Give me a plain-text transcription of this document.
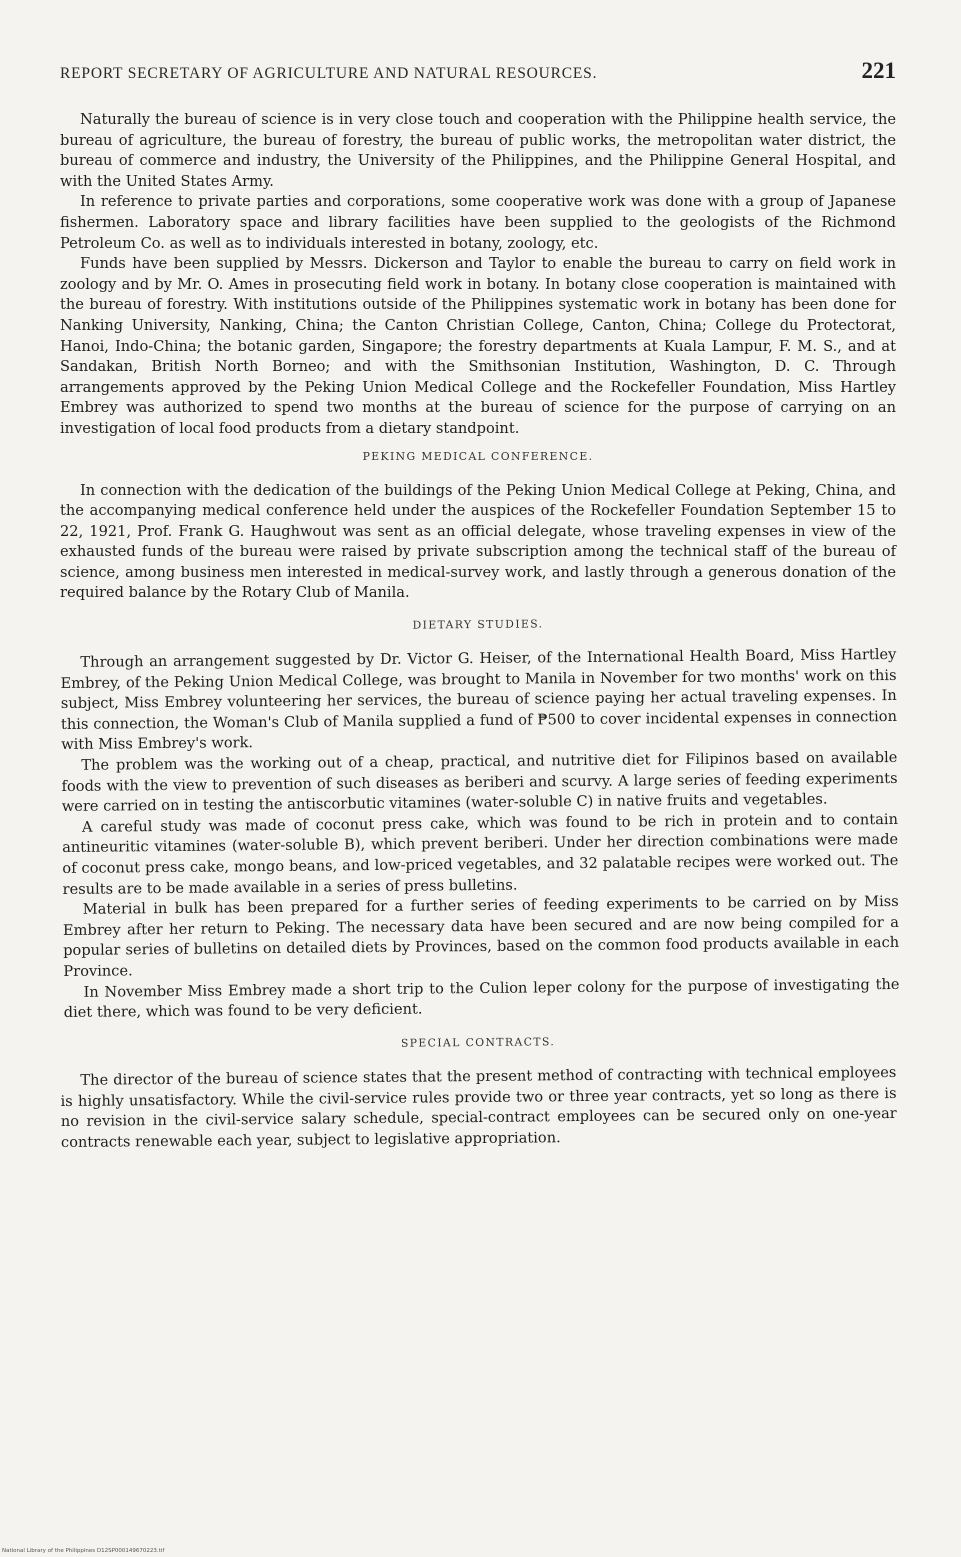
REPORT SECRETARY OF AGRICULTURE AND NATURAL RESOURCES.	221

Naturally the bureau of science is in very close touch and cooperation with the Philippine health service, the bureau of agriculture, the bureau of forestry, the bureau of public works, the metropolitan water district, the bureau of commerce and industry, the University of the Philippines, and the Philippine General Hospital, and with the United States Army.

In reference to private parties and corporations, some cooperative work was done with a group of Japanese fishermen. Laboratory space and library facilities have been supplied to the geologists of the Richmond Petroleum Co. as well as to individuals interested in botany, zoology, etc.

Funds have been supplied by Messrs. Dickerson and Taylor to enable the bureau to carry on field work in zoology and by Mr. O. Ames in prosecuting field work in botany. In botany close cooperation is maintained with the bureau of forestry. With institutions outside of the Philippines systematic work in botany has been done for Nanking University, Nanking, China; the Canton Christian College, Canton, China; College du Protectorat, Hanoi, Indo-China; the botanic garden, Singapore; the forestry departments at Kuala Lampur, F. M. S., and at Sandakan, British North Borneo; and with the Smithsonian Institution, Washington, D. C. Through arrangements approved by the Peking Union Medical College and the Rockefeller Foundation, Miss Hartley Embrey was authorized to spend two months at the bureau of science for the purpose of carrying on an investigation of local food products from a dietary standpoint.

PEKING MEDICAL CONFERENCE.

In connection with the dedication of the buildings of the Peking Union Medical College at Peking, China, and the accompanying medical conference held under the auspices of the Rockefeller Foundation September 15 to 22, 1921, Prof. Frank G. Haughwout was sent as an official delegate, whose traveling expenses in view of the exhausted funds of the bureau were raised by private subscription among the technical staff of the bureau of science, among business men interested in medical-survey work, and lastly through a generous donation of the required balance by the Rotary Club of Manila.

DIETARY STUDIES.

Through an arrangement suggested by Dr. Victor G. Heiser, of the International Health Board, Miss Hartley Embrey, of the Peking Union Medical College, was brought to Manila in November for two months' work on this subject, Miss Embrey volunteering her services, the bureau of science paying her actual traveling expenses. In this connection, the Woman's Club of Manila supplied a fund of ₱500 to cover incidental expenses in connection with Miss Embrey's work.

The problem was the working out of a cheap, practical, and nutritive diet for Filipinos based on available foods with the view to prevention of such diseases as beriberi and scurvy. A large series of feeding experiments were carried on in testing the antiscorbutic vitamines (water-soluble C) in native fruits and vegetables.

A careful study was made of coconut press cake, which was found to be rich in protein and to contain antineuritic vitamines (water-soluble B), which prevent beriberi. Under her direction combinations were made of coconut press cake, mongo beans, and low-priced vegetables, and 32 palatable recipes were worked out. The results are to be made available in a series of press bulletins.

Material in bulk has been prepared for a further series of feeding experiments to be carried on by Miss Embrey after her return to Peking. The necessary data have been secured and are now being compiled for a popular series of bulletins on detailed diets by Provinces, based on the common food products available in each Province.

In November Miss Embrey made a short trip to the Culion leper colony for the purpose of investigating the diet there, which was found to be very deficient.

SPECIAL CONTRACTS.

The director of the bureau of science states that the present method of contracting with technical employees is highly unsatisfactory. While the civil-service rules provide two or three year contracts, yet so long as there is no revision in the civil-service salary schedule, special-contract employees can be secured only on one-year contracts renewable each year, subject to legislative appropriation.

National Library of the Philippines D12SP000149670223.tif
